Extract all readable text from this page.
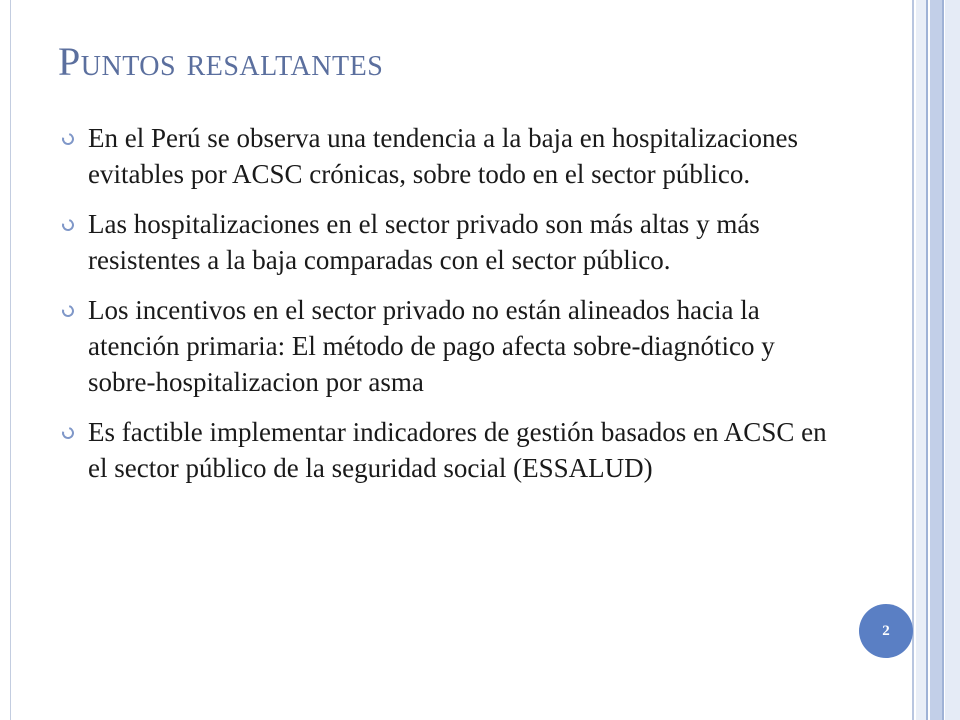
Puntos resaltantes
En el Perú se observa una tendencia a la baja en hospitalizaciones evitables por ACSC crónicas, sobre todo en el sector público.
Las hospitalizaciones en el sector privado son más altas y más resistentes a la baja comparadas con el sector público.
Los incentivos en el sector privado no están alineados hacia la atención primaria: El método de pago afecta sobre-diagnótico y sobre-hospitalizacion por asma
Es factible implementar indicadores de gestión basados en ACSC en el sector público de la seguridad social (ESSALUD)
2
